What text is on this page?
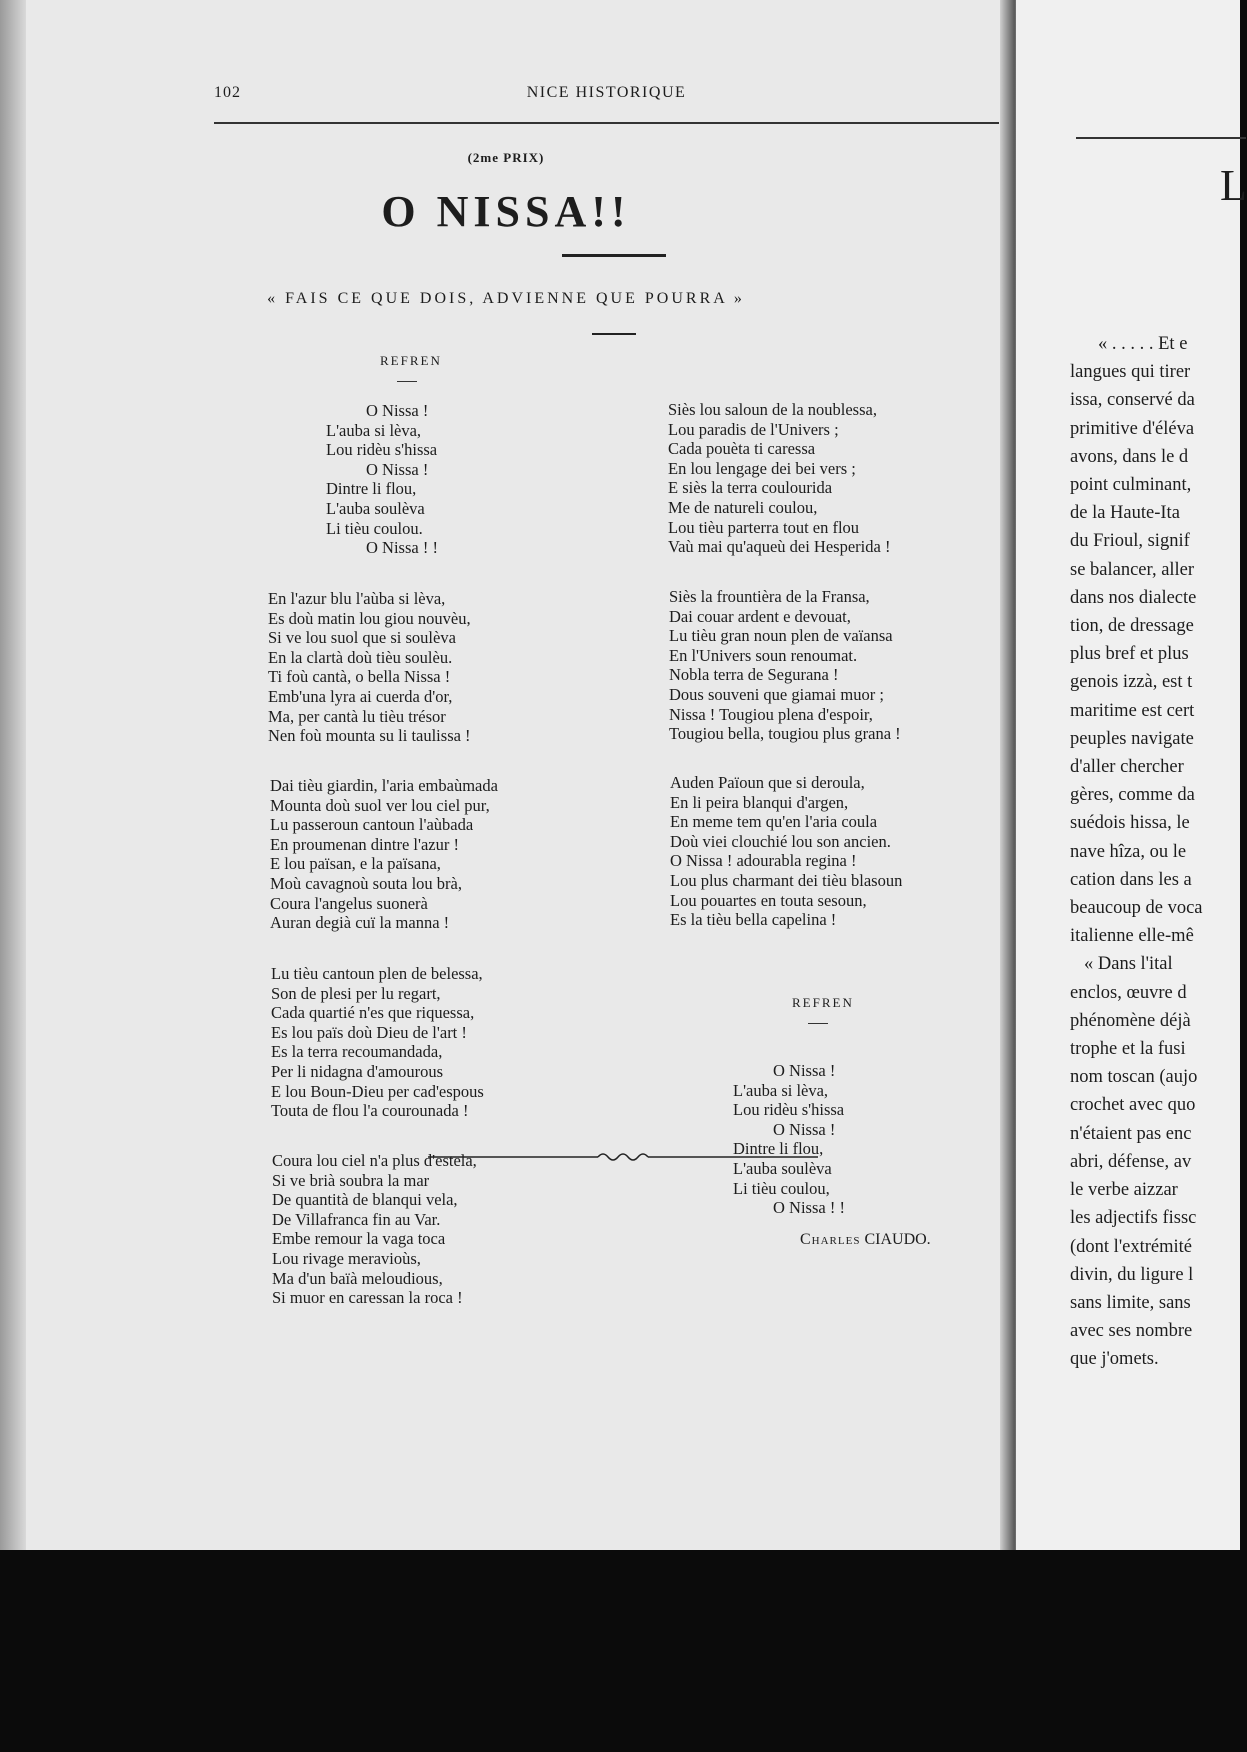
102	NICE HISTORIQUE
(2me PRIX)
O NISSA!!
« FAIS CE QUE DOIS, ADVIENNE QUE POURRA »
REFREN
O Nissa !
L'auba si lèva,
Lou ridèu s'hissa
O Nissa !
Dintre li flou,
L'auba soulèva
Li tièu coulou.
O Nissa ! !
En l'azur blu l'aùba si lèva,
Es doù matin lou giou nouvèu,
Si ve lou suol que si soulèva
En la clartà doù tièu soulèu.
Ti foù cantà, o bella Nissa !
Emb'una lyra ai cuerda d'or,
Ma, per cantà lu tièu trésor
Nen foù mounta su li taulissa !
Dai tièu giardin, l'aria embaùmada
Mounta doù suol ver lou ciel pur,
Lu passeroun cantoun l'aùbada
En proumenan dintre l'azur !
E lou païsan, e la païsana,
Moù cavagnoù souta lou brà,
Coura l'angelus suonerà
Auran degià cuï la manna !
Lu tièu cantoun plen de belessa,
Son de plesi per lu regart,
Cada quartié n'es que riquessa,
Es lou païs doù Dieu de l'art !
Es la terra recoumandada,
Per li nidagna d'amourous
E lou Boun-Dieu per cad'espous
Touta de flou l'a courounada !
Coura lou ciel n'a plus d'estela,
Si ve brià soubra la mar
De quantità de blanqui vela,
De Villafranca fin au Var.
Embe remour la vaga toca
Lou rivage meravioùs,
Ma d'un baïà meloudious,
Si muor en caressan la roca !
Siès lou saloun de la noublessa,
Lou paradis de l'Univers ;
Cada pouèta ti caressa
En lou lengage dei bei vers ;
E siès la terra coulourida
Me de natureli coulou,
Lou tièu parterra tout en flou
Vaù mai qu'aqueù dei Hesperida !
Siès la frountièra de la Fransa,
Dai couar ardent e devouat,
Lu tièu gran noun plen de vaïansa
En l'Univers soun renoumat.
Nobla terra de Segurana !
Dous souveni que giamai muor ;
Nissa ! Tougiou plena d'espoir,
Tougiou bella, tougiou plus grana !
Auden Païoun que si deroula,
En li peira blanqui d'argen,
En meme tem qu'en l'aria coula
Doù viei clouchié lou son ancien.
O Nissa ! adourabla regina !
Lou plus charmant dei tièu blasoun
Lou pouartes en touta sesoun,
Es la tièu bella capelina !
REFREN
O Nissa !
L'auba si lèva,
Lou ridèu s'hissa
O Nissa !
Dintre li flou,
L'auba soulèva
Li tièu coulou,
O Nissa ! !
Charles CIAUDO.
L
« . . . . . Et e
langues qui tirer
issa, conservé da
primitive d'éléva
avons, dans le d
point culminant,
de la Haute-Ita
du Frioul, signif
se balancer, aller
dans nos dialecte
tion, de dressage
plus bref et plus
genois izzà, est t
maritime est cert
peuples navigate
d'aller chercher
gères, comme da
suédois hissa, le
nave hîza, ou le
cation dans les a
beaucoup de voca
italienne elle-mê
« Dans l'ital
enclos, œuvre d
phénomène déjà
trophe et la fusi
nom toscan (aujo
crochet avec quo
n'étaient pas enc
abri, défense, av
le verbe aizzar
les adjectifs fissc
(dont l'extrémité
divin, du ligure l
sans limite, sans
avec ses nombre
que j'omets.
